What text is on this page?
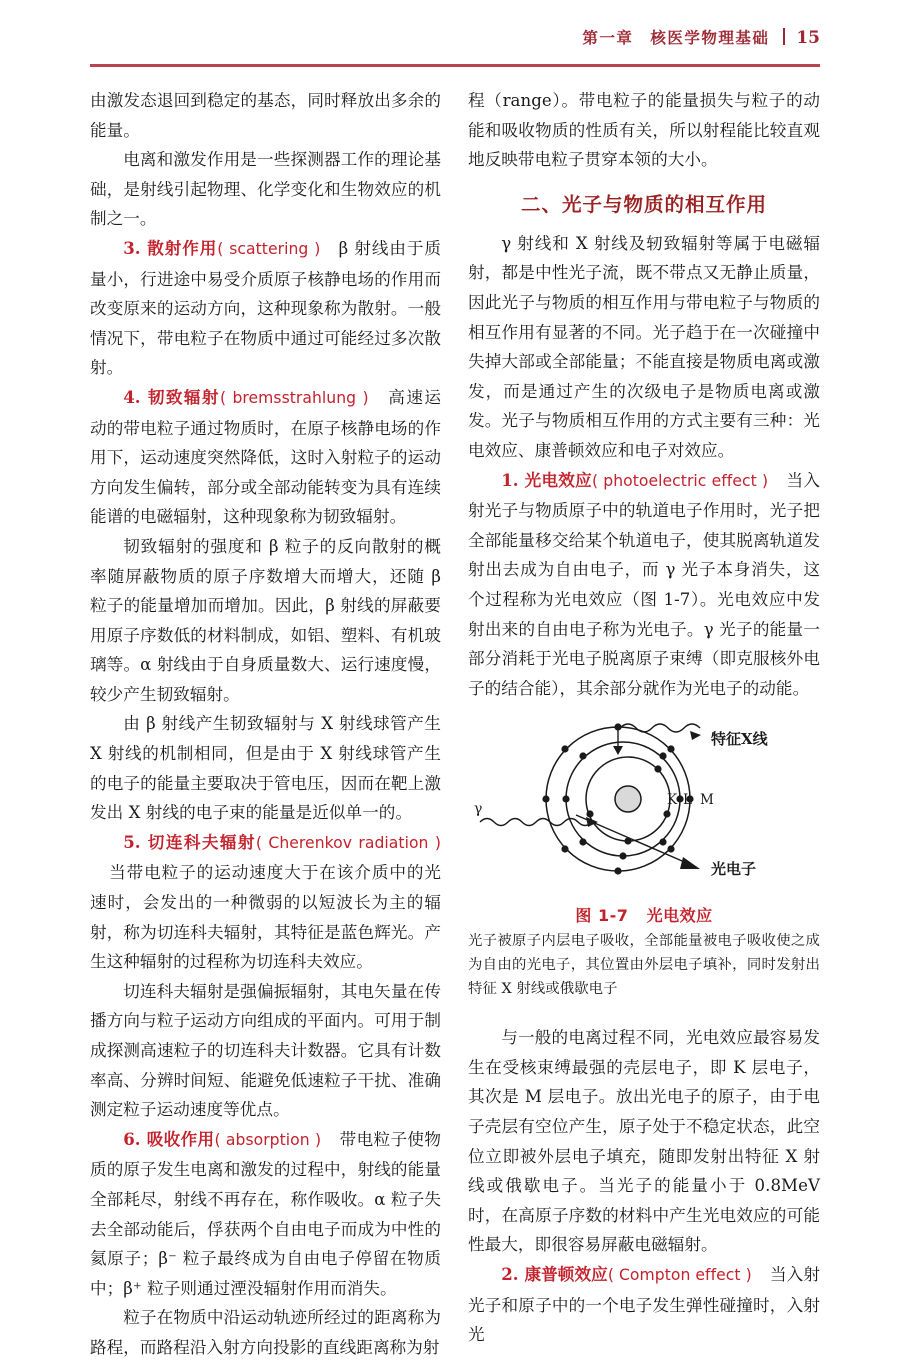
第一章　核医学物理基础 15

由激发态退回到稳定的基态，同时释放出多余的能量。

电离和激发作用是一些探测器工作的理论基础，是射线引起物理、化学变化和生物效应的机制之一。

3. 散射作用( scattering ) β 射线由于质量小，行进途中易受介质原子核静电场的作用而改变原来的运动方向，这种现象称为散射。一般情况下，带电粒子在物质中通过可能经过多次散射。

4. 韧致辐射( bremsstrahlung ) 高速运动的带电粒子通过物质时，在原子核静电场的作用下，运动速度突然降低，这时入射粒子的运动方向发生偏转，部分或全部动能转变为具有连续能谱的电磁辐射，这种现象称为韧致辐射。

韧致辐射的强度和 β 粒子的反向散射的概率随屏蔽物质的原子序数增大而增大，还随 β 粒子的能量增加而增加。因此，β 射线的屏蔽要用原子序数低的材料制成，如铝、塑料、有机玻璃等。α 射线由于自身质量数大、运行速度慢，较少产生韧致辐射。

由 β 射线产生韧致辐射与 X 射线球管产生 X 射线的机制相同，但是由于 X 射线球管产生的电子的能量主要取决于管电压，因而在靶上激发出 X 射线的电子束的能量是近似单一的。

5. 切连科夫辐射( Cherenkov radiation )当带电粒子的运动速度大于在该介质中的光速时，会发出的一种微弱的以短波长为主的辐射，称为切连科夫辐射，其特征是蓝色辉光。产生这种辐射的过程称为切连科夫效应。

切连科夫辐射是强偏振辐射，其电矢量在传播方向与粒子运动方向组成的平面内。可用于制成探测高速粒子的切连科夫计数器。它具有计数率高、分辨时间短、能避免低速粒子干扰、准确测定粒子运动速度等优点。

6. 吸收作用( absorption ) 带电粒子使物质的原子发生电离和激发的过程中，射线的能量全部耗尽，射线不再存在，称作吸收。α 粒子失去全部动能后，俘获两个自由电子而成为中性的氦原子；β⁻ 粒子最终成为自由电子停留在物质中；β⁺ 粒子则通过湮没辐射作用而消失。

粒子在物质中沿运动轨迹所经过的距离称为路程，而路程沿入射方向投影的直线距离称为射

程（range）。带电粒子的能量损失与粒子的动能和吸收物质的性质有关，所以射程能比较直观地反映带电粒子贯穿本领的大小。

二、光子与物质的相互作用

γ 射线和 X 射线及轫致辐射等属于电磁辐射，都是中性光子流，既不带点又无静止质量，因此光子与物质的相互作用与带电粒子与物质的相互作用有显著的不同。光子趋于在一次碰撞中失掉大部或全部能量；不能直接是物质电离或激发，而是通过产生的次级电子是物质电离或激发。光子与物质相互作用的方式主要有三种：光电效应、康普顿效应和电子对效应。

1. 光电效应( photoelectric effect ) 当入射光子与物质原子中的轨道电子作用时，光子把全部能量移交给某个轨道电子，使其脱离轨道发射出去成为自由电子，而 γ 光子本身消失，这个过程称为光电效应（图 1-7）。光电效应中发射出来的自由电子称为光电子。γ 光子的能量一部分消耗于光电子脱离原子束缚（即克服核外电子的结合能），其余部分就作为光电子的动能。

K L M
γ
特征X线
光电子
图 1-7 光电效应

光子被原子内层电子吸收，全部能量被电子吸收使之成为自由的光电子，其位置由外层电子填补，同时发射出特征 X 射线或俄歇电子

与一般的电离过程不同，光电效应最容易发生在受核束缚最强的壳层电子，即 K 层电子，其次是 M 层电子。放出光电子的原子，由于电子壳层有空位产生，原子处于不稳定状态，此空位立即被外层电子填充，随即发射出特征 X 射线或俄歇电子。当光子的能量小于 0.8MeV 时，在高原子序数的材料中产生光电效应的可能性最大，即很容易屏蔽电磁辐射。

2. 康普顿效应( Compton effect ) 当入射光子和原子中的一个电子发生弹性碰撞时，入射光
